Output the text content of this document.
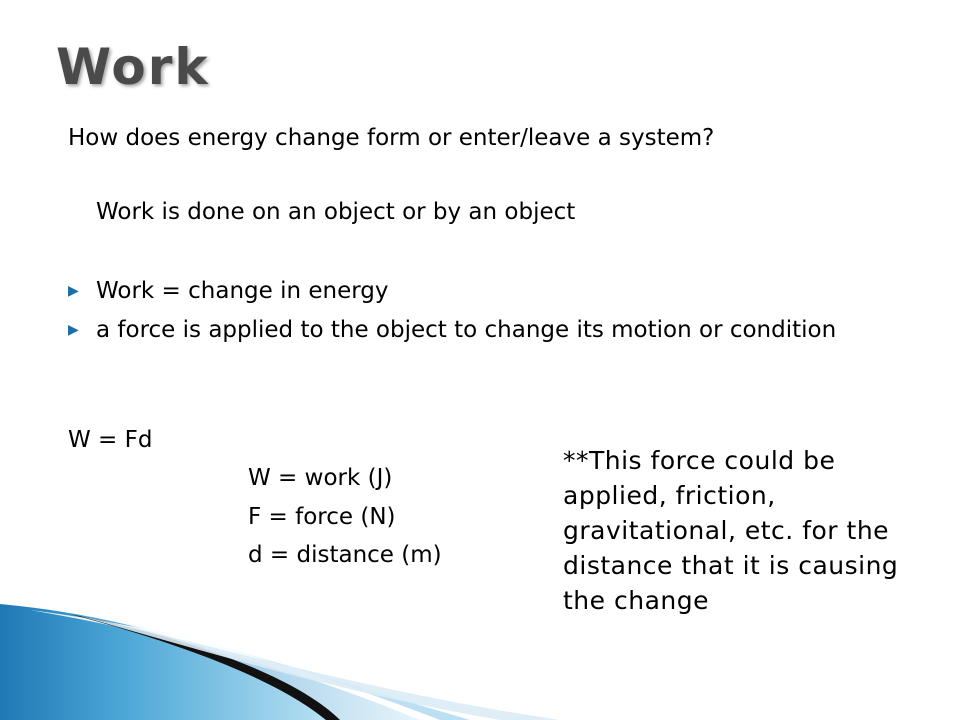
Work
How does energy change form or enter/leave a system?
Work is done on an object or by an object
▶ Work = change in energy
▶ a force is applied to the object to change its motion or condition
W = Fd
W = work (J)
F = force (N)
d = distance (m)
**This force could be applied, friction, gravitational, etc. for the distance that it is causing the change
